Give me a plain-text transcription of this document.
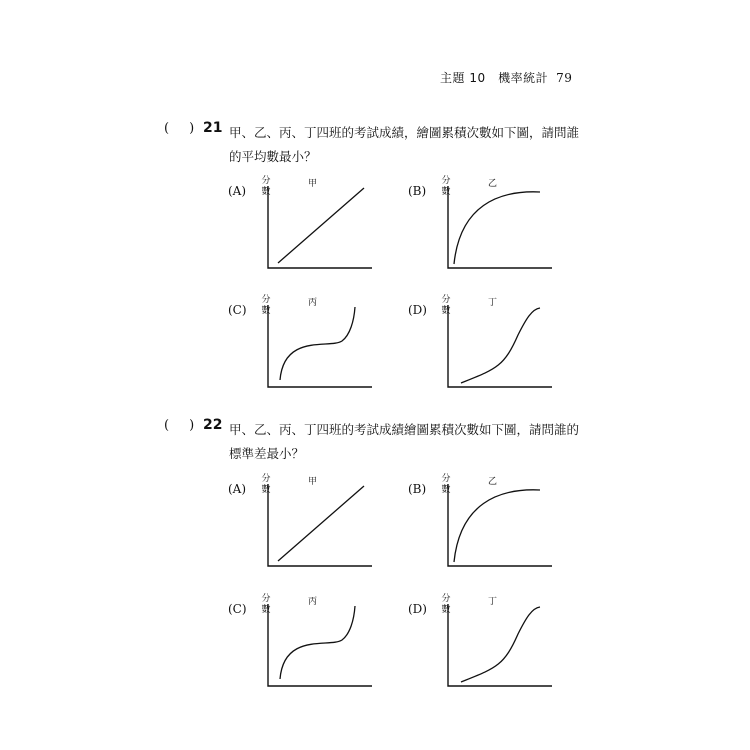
主題 10　機率統計 79
( ) 21 甲、乙、丙、丁四班的考試成績，繪圖累積次數如下圖，請問誰的平均數最小？
(A)
分數
甲	(B)
分數
乙
(C)
分數
丙	(D)
分數
丁
( ) 22 甲、乙、丙、丁四班的考試成績繪圖累積次數如下圖，請問誰的標準差最小？
(A)
分數
甲	(B)
分數
乙
(C)
分數
丙	(D)
分數
丁
